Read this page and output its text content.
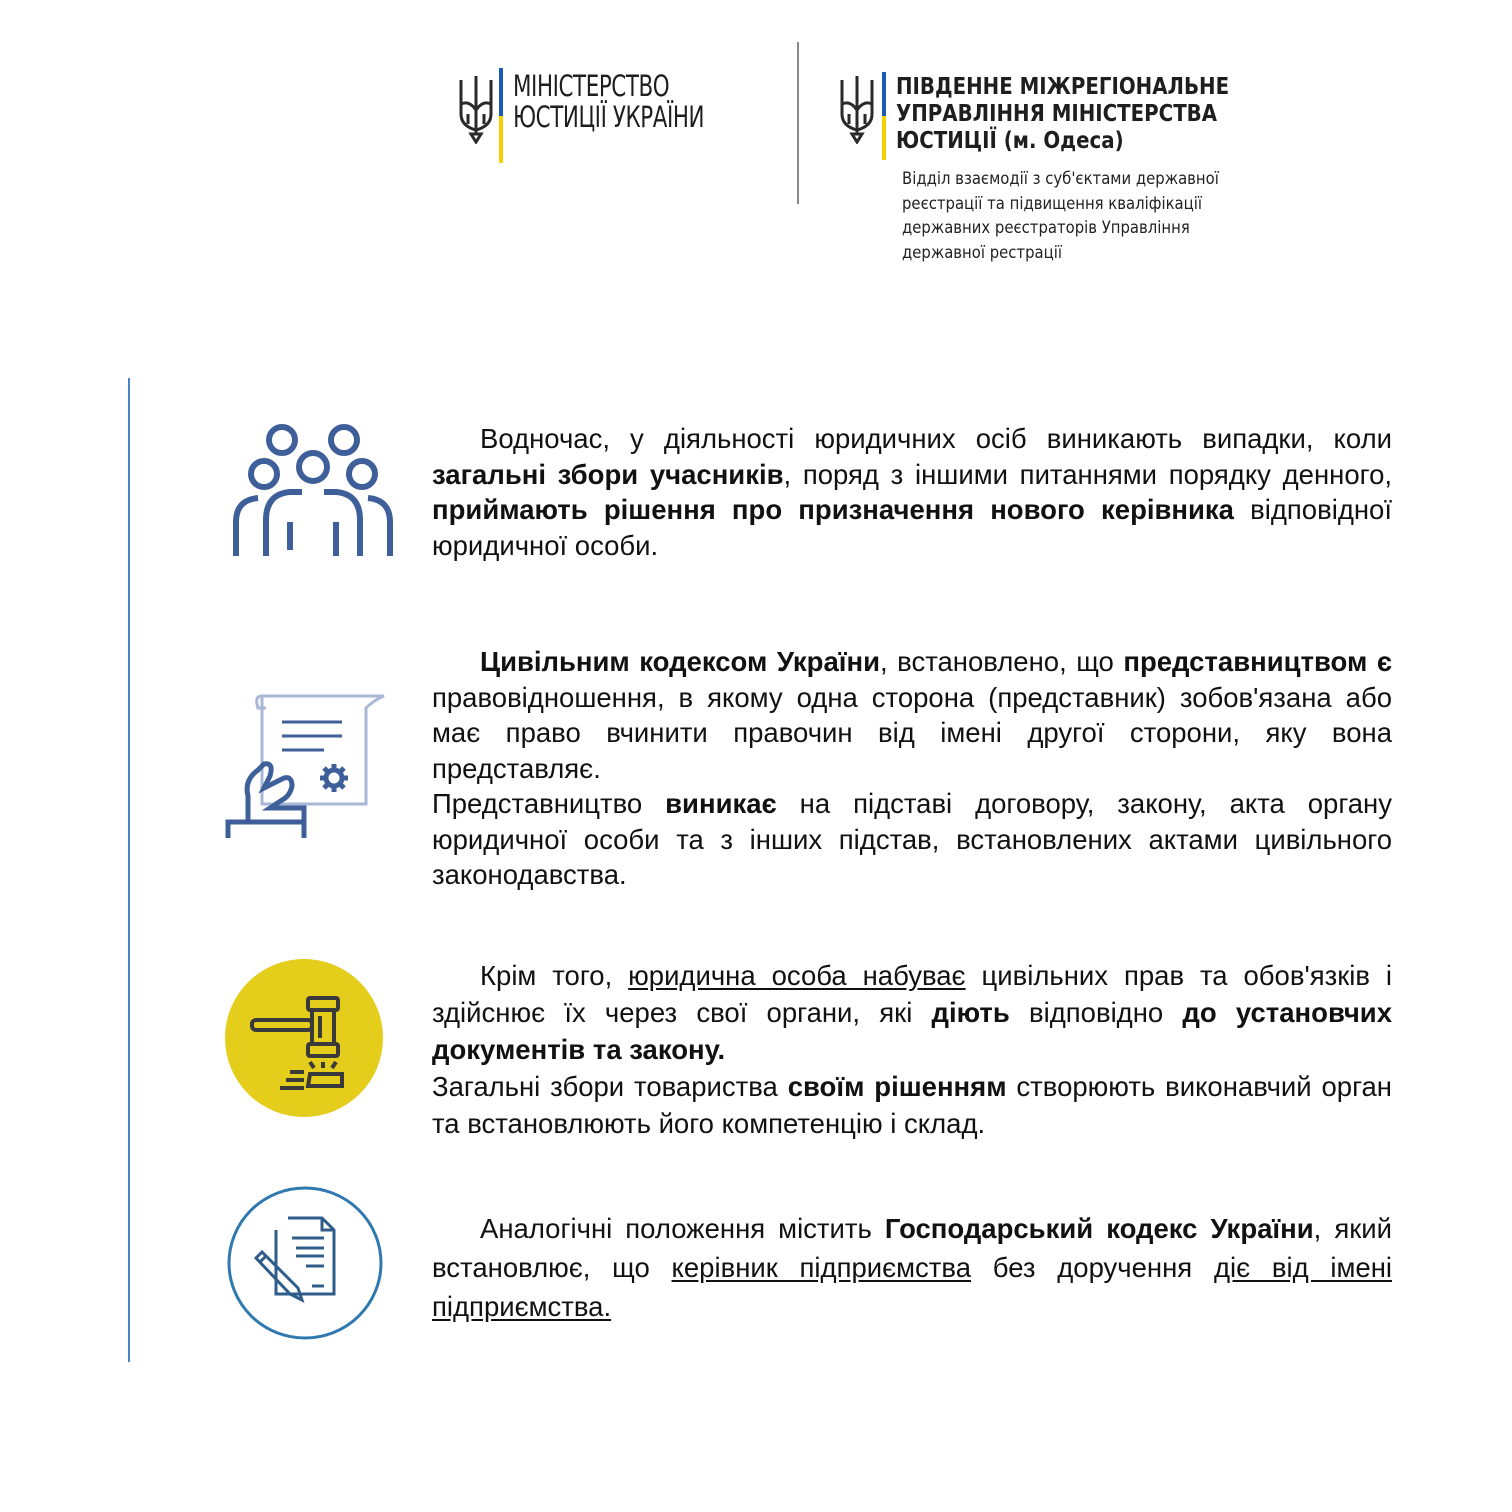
МІНІСТЕРСТВО
ЮСТИЦІЇ УКРАЇНИ
ПІВДЕННЕ МІЖРЕГІОНАЛЬНЕ
УПРАВЛІННЯ МІНІСТЕРСТВА
ЮСТИЦІЇ (м. Одеса)
Відділ взаємодії з суб'єктами державної
реєстрації та підвищення кваліфікації
державних реєстраторів Управління
державної рестрації

Водночас, у діяльності юридичних осіб виникають випадки, коли загальні збори учасників, поряд з іншими питаннями порядку денного, приймають рішення про призначення нового керівника відповідної юридичної особи.

Цивільним кодексом України, встановлено, що представництвом є правовідношення, в якому одна сторона (представник) зобов'язана або має право вчинити правочин від імені другої сторони, яку вона представляє.

Представництво виникає на підставі договору, закону, акта органу юридичної особи та з інших підстав, встановлених актами цивільного законодавства.

Крім того, юридична особа набуває цивільних прав та обов'язків і здійснює їх через свої органи, які діють відповідно до установчих документів та закону.

Загальні збори товариства своїм рішенням створюють виконавчий орган та встановлюють його компетенцію і склад.

Аналогічні положення містить Господарський кодекс України, який встановлює, що керівник підприємства без доручення діє від імені підприємства.
